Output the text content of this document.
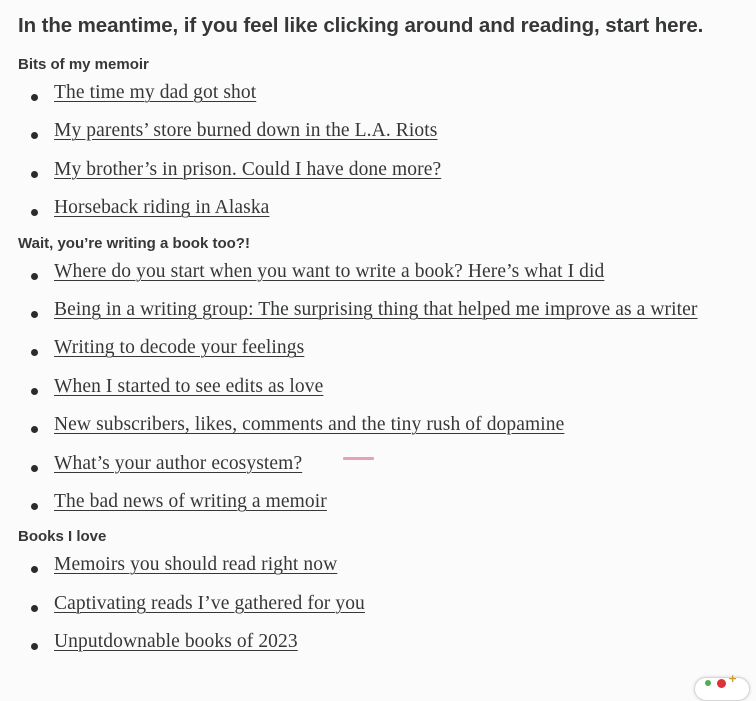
In the meantime, if you feel like clicking around and reading, start here.
Bits of my memoir
The time my dad got shot
My parents’ store burned down in the L.A. Riots
My brother’s in prison. Could I have done more?
Horseback riding in Alaska
Wait, you’re writing a book too?!
Where do you start when you want to write a book? Here’s what I did
Being in a writing group: The surprising thing that helped me improve as a writer
Writing to decode your feelings
When I started to see edits as love
New subscribers, likes, comments and the tiny rush of dopamine
What’s your author ecosystem?
The bad news of writing a memoir
Books I love
Memoirs you should read right now
Captivating reads I’ve gathered for you
Unputdownable books of 2023
+
